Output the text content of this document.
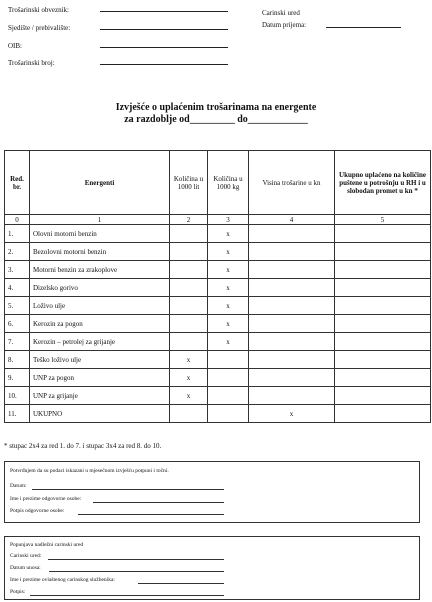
Trošarinski obveznik:
Sjedište / prebivalište:
OIB:
Trošarinski broj:
Carinski ured
Datum prijema:
Izvješće o uplaćenim trošarinama na energente
za razdoblje od_________ do____________
Red. br.	Energenti	Količina u 1000 lit	Količina u 1000 kg	Visina trošarine u kn	Ukupno uplaćeno na količine puštene u potrošnju u RH i u slobodan promet u kn *
0	1	2	3	4	5
1.	Olovni motorni benzin		x		
2.	Bezolovni motorni benzin		x		
3.	Motorni benzin za zrakoplove		x		
4.	Dizelsko gorivo		x		
5.	Loživo ulje		x		
6.	Kerozin za pogon		x		
7.	Kerozin – petrolej za grijanje		x		
8.	Teško loživo ulje	x			
9.	UNP za pogon	x			
10.	UNP za grijanje	x			
11.	UKUPNO			x	
* stupac 2x4 za red 1. do 7. i stupac 3x4 za red 8. do 10.
Potvrđujem da su podaci iskazani u mjesečnom izvješću potpuni i točni.
Datum:
Ime i prezime odgovorne osobe:
Potpis odgovorne osobe:
Popunjava nadležni carinski ured
Carinski ured:
Datum unosa:
Ime i prezime ovlaštenog carinskog službenika:
Potpis:
